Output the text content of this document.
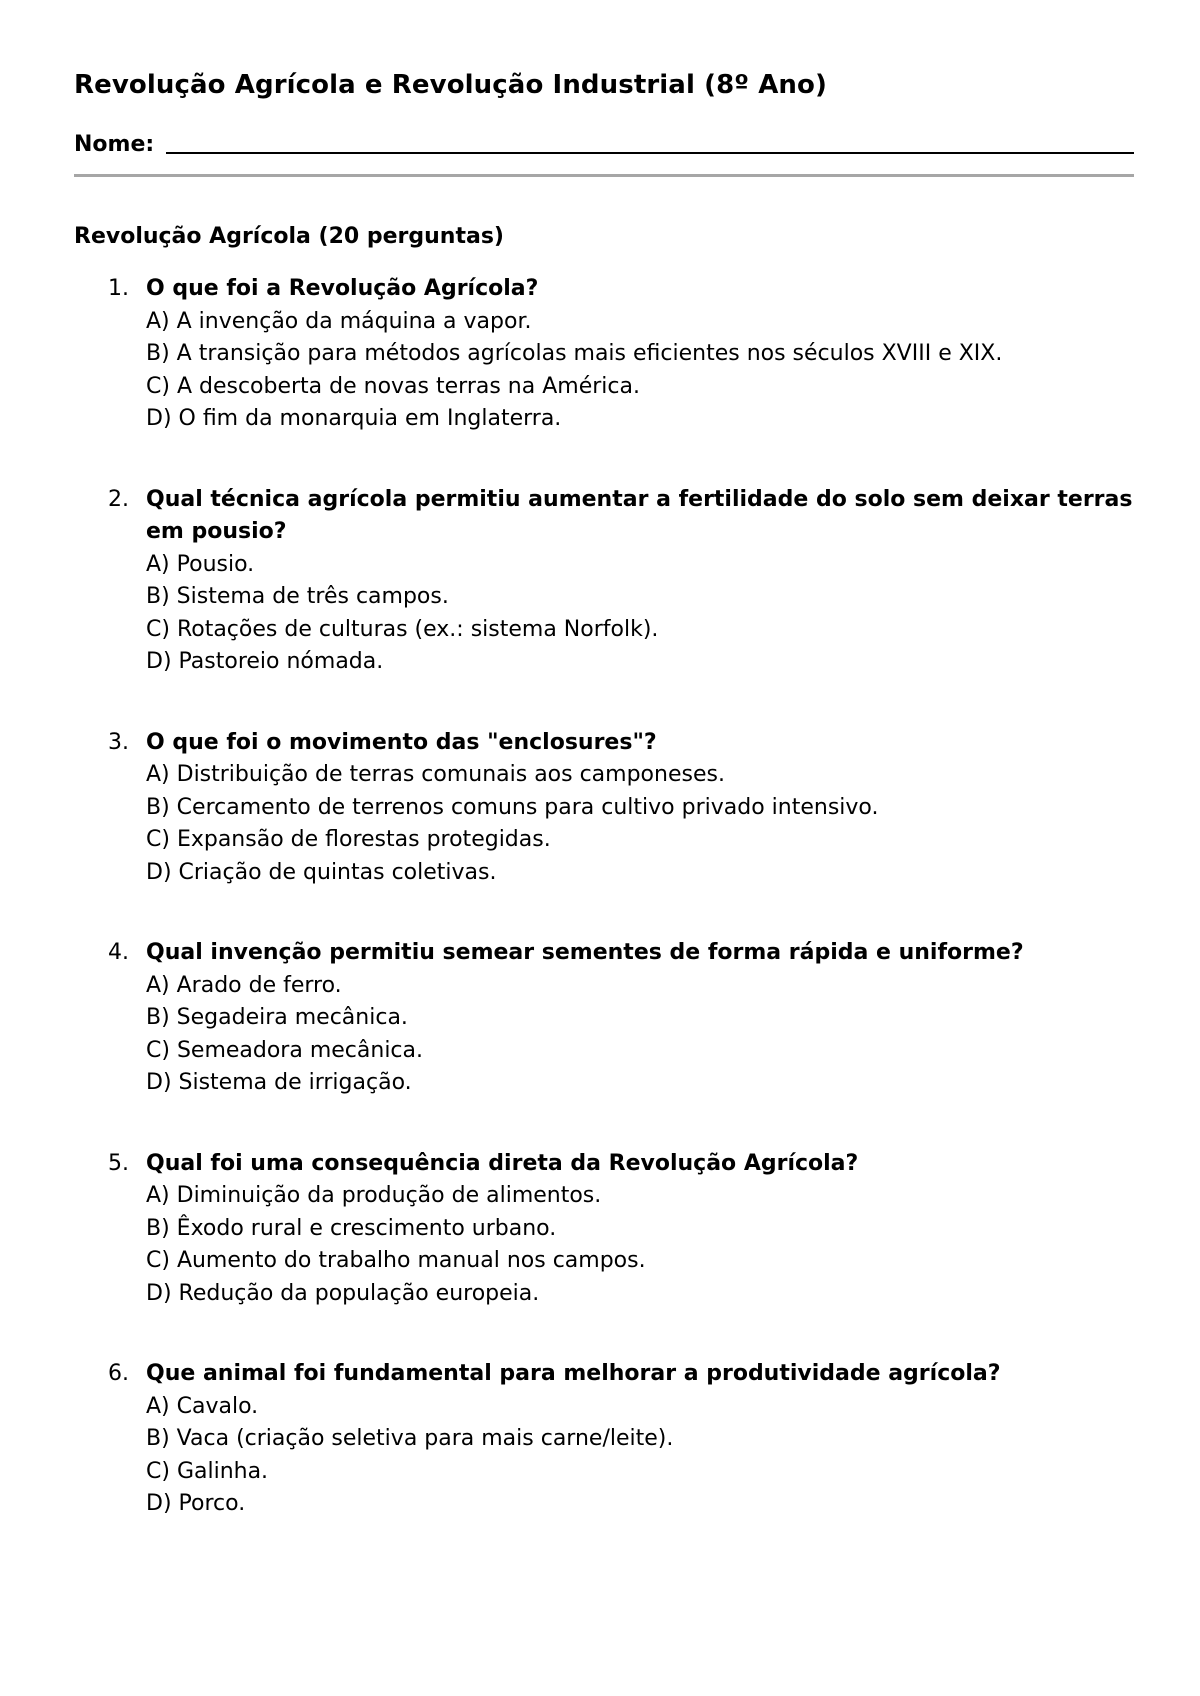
Revolução Agrícola e Revolução Industrial (8º Ano)
Nome:
Revolução Agrícola (20 perguntas)
1. O que foi a Revolução Agrícola?
A) A invenção da máquina a vapor.
B) A transição para métodos agrícolas mais eficientes nos séculos XVIII e XIX.
C) A descoberta de novas terras na América.
D) O fim da monarquia em Inglaterra.
2. Qual técnica agrícola permitiu aumentar a fertilidade do solo sem deixar terras em pousio?
A) Pousio.
B) Sistema de três campos.
C) Rotações de culturas (ex.: sistema Norfolk).
D) Pastoreio nómada.
3. O que foi o movimento das "enclosures"?
A) Distribuição de terras comunais aos camponeses.
B) Cercamento de terrenos comuns para cultivo privado intensivo.
C) Expansão de florestas protegidas.
D) Criação de quintas coletivas.
4. Qual invenção permitiu semear sementes de forma rápida e uniforme?
A) Arado de ferro.
B) Segadeira mecânica.
C) Semeadora mecânica.
D) Sistema de irrigação.
5. Qual foi uma consequência direta da Revolução Agrícola?
A) Diminuição da produção de alimentos.
B) Êxodo rural e crescimento urbano.
C) Aumento do trabalho manual nos campos.
D) Redução da população europeia.
6. Que animal foi fundamental para melhorar a produtividade agrícola?
A) Cavalo.
B) Vaca (criação seletiva para mais carne/leite).
C) Galinha.
D) Porco.
